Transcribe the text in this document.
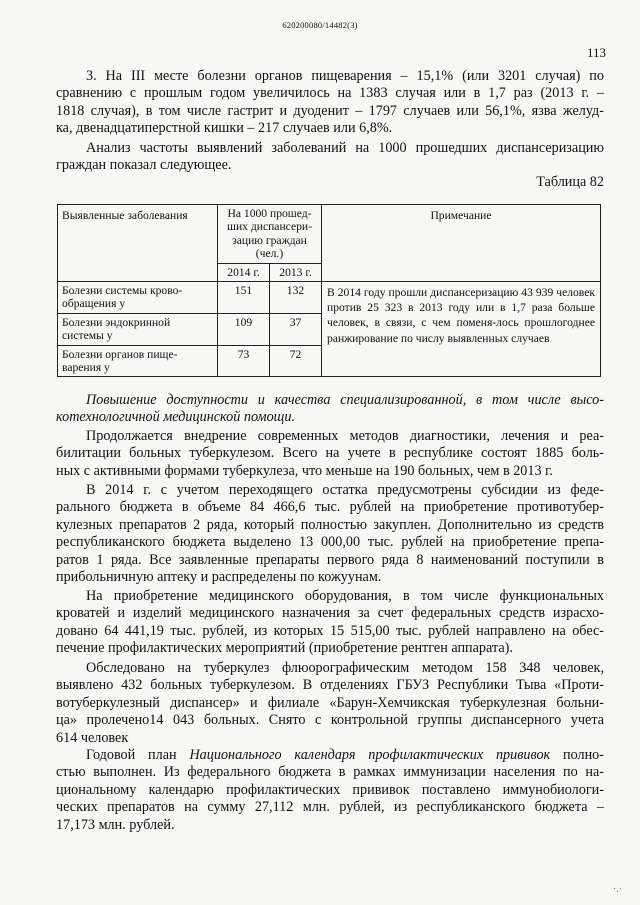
620200080/14482(3)
113
3. На III месте болезни органов пищеварения – 15,1% (или 3201 случая) по
сравнению с прошлым годом увеличилось на 1383 случая или в 1,7 раз (2013 г. –
1818 случая), в том числе гастрит и дуоденит – 1797 случаев или 56,1%, язва желуд-
ка, двенадцатиперстной кишки – 217 случаев или 6,8%.
Анализ частоты выявлений заболеваний на 1000 прошедших диспансеризацию
граждан показал следующее.
Таблица 82
Выявленные заболевания	На 1000 прошед-
ших диспансери-
зацию граждан
(чел.)		Примечание
	2014 г.	2013 г.	
Болезни системы крово-
обращения у	151	132	В 2014 году прошли диспансеризацию 43 939 человек против 25 323 в 2013 году или в 1,7 раза больше человек, в связи, с чем поменя-лось прошлогоднее ранжирование по числу выявленных случаев
Болезни эндокринной
системы у	109	37	
Болезни органов пище-
варения у	73	72	
Повышение доступности и качества специализированной, в том числе высо-
котехнологичной медицинской помощи.
Продолжается внедрение современных методов диагностики, лечения и реа-
билитации больных туберкулезом. Всего на учете в республике состоят 1885 боль-
ных с активными формами туберкулеза, что меньше на 190 больных, чем в 2013 г.
В 2014 г. с учетом переходящего остатка предусмотрены субсидии из феде-
рального бюджета в объеме 84 466,6 тыс. рублей на приобретение противотубер-
кулезных препаратов 2 ряда, который полностью закуплен. Дополнительно из средств
республиканского бюджета выделено 13 000,00 тыс. рублей на приобретение препа-
ратов 1 ряда. Все заявленные препараты первого ряда 8 наименований поступили в
прибольничную аптеку и распределены по кожуунам.
На приобретение медицинского оборудования, в том числе функциональных
кроватей и изделий медицинского назначения за счет федеральных средств израсхо-
довано 64 441,19 тыс. рублей, из которых 15 515,00 тыс. рублей направлено на обес-
печение профилактических мероприятий (приобретение рентген аппарата).
Обследовано на туберкулез флюорографическим методом 158 348 человек,
выявлено 432 больных туберкулезом. В отделениях ГБУЗ Республики Тыва «Проти-
вотуберкулезный диспансер» и филиале «Барун-Хемчикская туберкулезная больни-
ца» пролечено14 043 больных. Снято с контрольной группы диспансерного учета
614 человек
Годовой план Национального календаря профилактических прививок полно-
стью выполнен. Из федерального бюджета в рамках иммунизации населения по на-
циональному календарю профилактических прививок поставлено иммунобиологи-
ческих препаратов на сумму 27,112 млн. рублей, из республиканского бюджета –
17,173 млн. рублей.
·.·
